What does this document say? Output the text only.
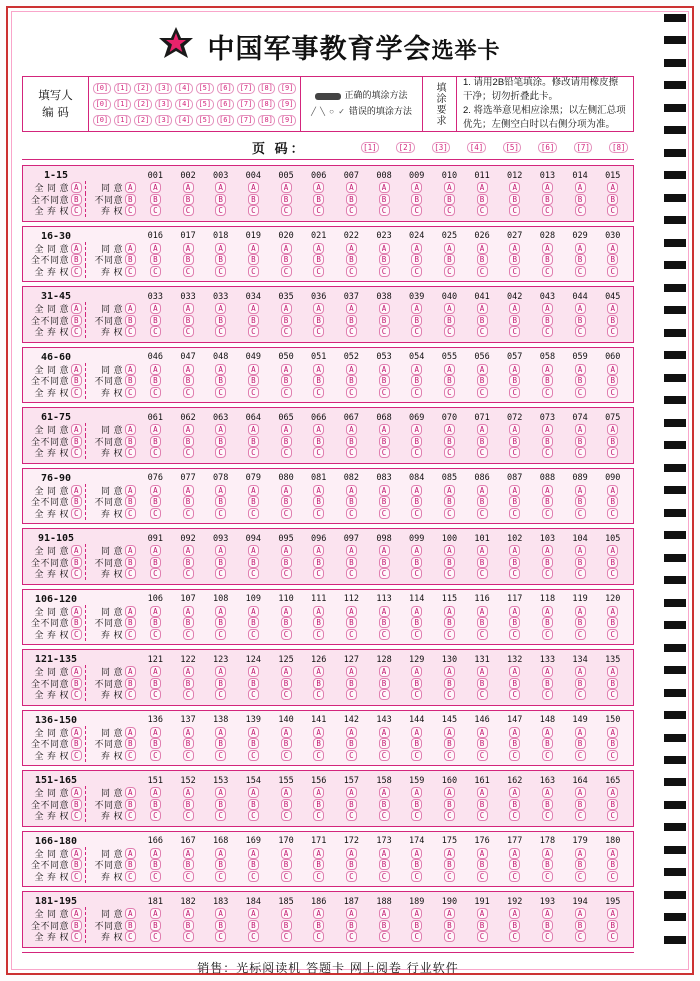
中国军事教育学会选举卡
填写人
编 码
[0]	[1]	[2]	[3]	[4]	[5]	[6]	[7]	[8]	[9]
[0]	[1]	[2]	[3]	[4]	[5]	[6]	[7]	[8]	[9]
[0]	[1]	[2]	[3]	[4]	[5]	[6]	[7]	[8]	[9]
正确的填涂方法
╱ ╲ ○ ✓ 错误的填涂方法	填涂要求	1. 请用2B铅笔填涂。修改请用橡皮擦干净；切勿折叠此卡。
2. 将选举意见相应涂黑；以左侧汇总项优先；左侧空白时以右侧分项为准。
页 码：	[1]	[2]	[3]	[4]	[5]	[6]	[7]	[8]
1-15	001 002 003 004 005 006 007 008 009 010 011 012 013 014 015
全 同 意 A	同 意 A	A	A	A	A	A	A	A	A	A	A	A	A	A	A	A
全不同意 B	不同意 B	B	B	B	B	B	B	B	B	B	B	B	B	B	B	B
全 弃 权 C	弃 权 C	C	C	C	C	C	C	C	C	C	C	C	C	C	C	C
16-30	016 017 018 019 020 021 022 023 024 025 026 027 028 029 030
全 同 意 A	同 意 A	A	A	A	A	A	A	A	A	A	A	A	A	A	A	A
全不同意 B	不同意 B	B	B	B	B	B	B	B	B	B	B	B	B	B	B	B
全 弃 权 C	弃 权 C	C	C	C	C	C	C	C	C	C	C	C	C	C	C	C
31-45	033 033 033 034 035 036 037 038 039 040 041 042 043 044 045
全 同 意 A	同 意 A	A	A	A	A	A	A	A	A	A	A	A	A	A	A	A
全不同意 B	不同意 B	B	B	B	B	B	B	B	B	B	B	B	B	B	B	B
全 弃 权 C	弃 权 C	C	C	C	C	C	C	C	C	C	C	C	C	C	C	C
46-60	046 047 048 049 050 051 052 053 054 055 056 057 058 059 060
全 同 意 A	同 意 A	A	A	A	A	A	A	A	A	A	A	A	A	A	A	A
全不同意 B	不同意 B	B	B	B	B	B	B	B	B	B	B	B	B	B	B	B
全 弃 权 C	弃 权 C	C	C	C	C	C	C	C	C	C	C	C	C	C	C	C
61-75	061 062 063 064 065 066 067 068 069 070 071 072 073 074 075
全 同 意 A	同 意 A	A	A	A	A	A	A	A	A	A	A	A	A	A	A	A
全不同意 B	不同意 B	B	B	B	B	B	B	B	B	B	B	B	B	B	B	B
全 弃 权 C	弃 权 C	C	C	C	C	C	C	C	C	C	C	C	C	C	C	C
76-90	076 077 078 079 080 081 082 083 084 085 086 087 088 089 090
全 同 意 A	同 意 A	A	A	A	A	A	A	A	A	A	A	A	A	A	A	A
全不同意 B	不同意 B	B	B	B	B	B	B	B	B	B	B	B	B	B	B	B
全 弃 权 C	弃 权 C	C	C	C	C	C	C	C	C	C	C	C	C	C	C	C
91-105	091 092 093 094 095 096 097 098 099 100 101 102 103 104 105
全 同 意 A	同 意 A	A	A	A	A	A	A	A	A	A	A	A	A	A	A	A
全不同意 B	不同意 B	B	B	B	B	B	B	B	B	B	B	B	B	B	B	B
全 弃 权 C	弃 权 C	C	C	C	C	C	C	C	C	C	C	C	C	C	C	C
106-120	106 107 108 109 110 111 112 113 114 115 116 117 118 119 120
全 同 意 A	同 意 A	A	A	A	A	A	A	A	A	A	A	A	A	A	A	A
全不同意 B	不同意 B	B	B	B	B	B	B	B	B	B	B	B	B	B	B	B
全 弃 权 C	弃 权 C	C	C	C	C	C	C	C	C	C	C	C	C	C	C	C
121-135	121 122 123 124 125 126 127 128 129 130 131 132 133 134 135
全 同 意 A	同 意 A	A	A	A	A	A	A	A	A	A	A	A	A	A	A	A
全不同意 B	不同意 B	B	B	B	B	B	B	B	B	B	B	B	B	B	B	B
全 弃 权 C	弃 权 C	C	C	C	C	C	C	C	C	C	C	C	C	C	C	C
136-150	136 137 138 139 140 141 142 143 144 145 146 147 148 149 150
全 同 意 A	同 意 A	A	A	A	A	A	A	A	A	A	A	A	A	A	A	A
全不同意 B	不同意 B	B	B	B	B	B	B	B	B	B	B	B	B	B	B	B
全 弃 权 C	弃 权 C	C	C	C	C	C	C	C	C	C	C	C	C	C	C	C
151-165	151 152 153 154 155 156 157 158 159 160 161 162 163 164 165
全 同 意 A	同 意 A	A	A	A	A	A	A	A	A	A	A	A	A	A	A	A
全不同意 B	不同意 B	B	B	B	B	B	B	B	B	B	B	B	B	B	B	B
全 弃 权 C	弃 权 C	C	C	C	C	C	C	C	C	C	C	C	C	C	C	C
166-180	166 167 168 169 170 171 172 173 174 175 176 177 178 179 180
全 同 意 A	同 意 A	A	A	A	A	A	A	A	A	A	A	A	A	A	A	A
全不同意 B	不同意 B	B	B	B	B	B	B	B	B	B	B	B	B	B	B	B
全 弃 权 C	弃 权 C	C	C	C	C	C	C	C	C	C	C	C	C	C	C	C
181-195	181 182 183 184 185 186 187 188 189 190 191 192 193 194 195
全 同 意 A	同 意 A	A	A	A	A	A	A	A	A	A	A	A	A	A	A	A
全不同意 B	不同意 B	B	B	B	B	B	B	B	B	B	B	B	B	B	B	B
全 弃 权 C	弃 权 C	C	C	C	C	C	C	C	C	C	C	C	C	C	C	C
销售：光标阅读机 答题卡 网上阅卷 行业软件
